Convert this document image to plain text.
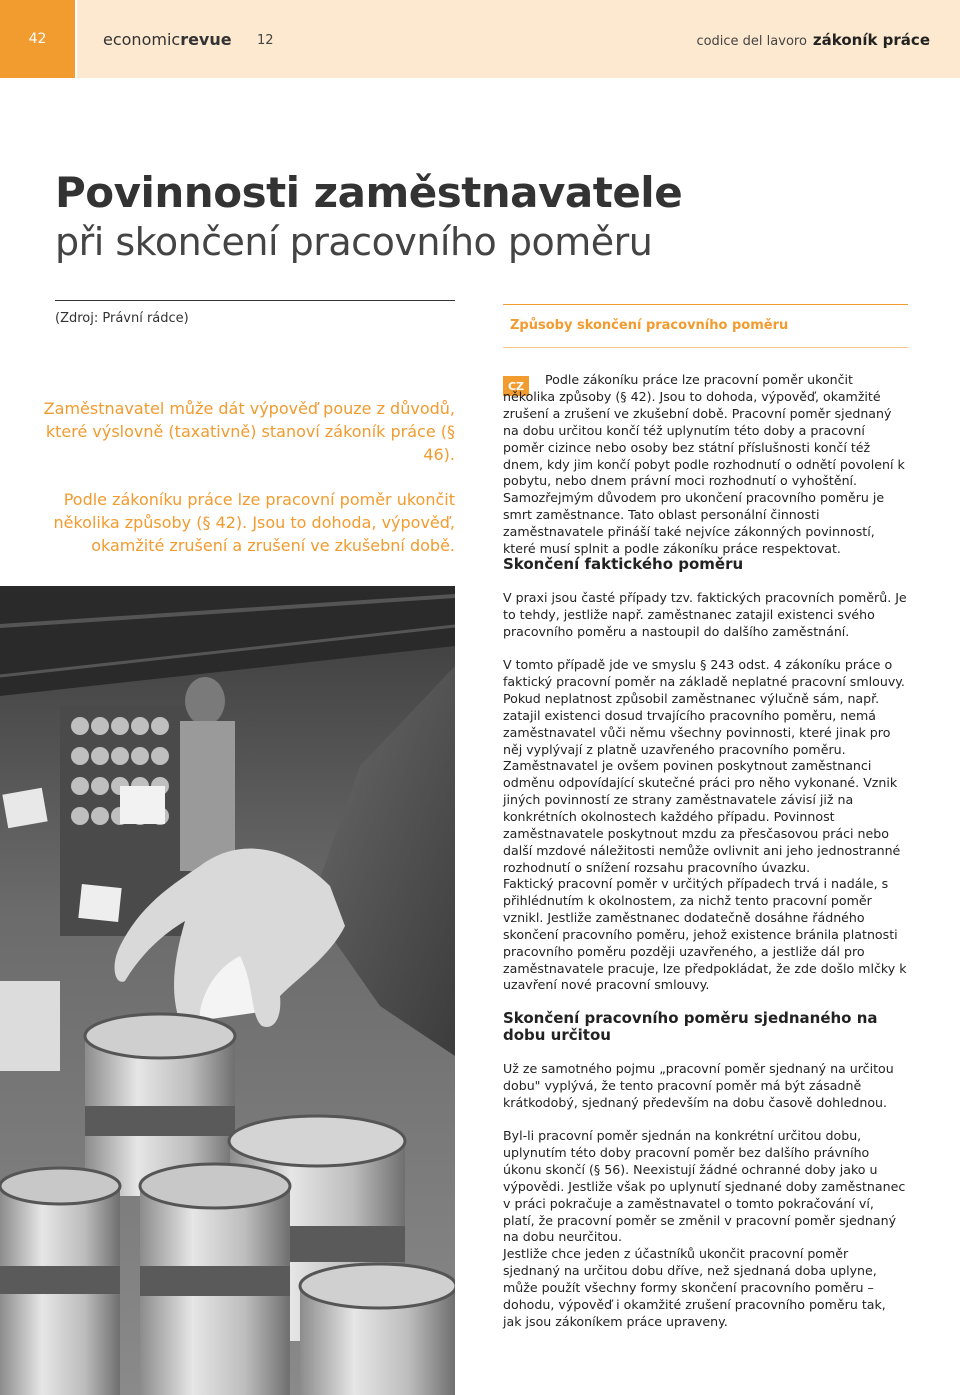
42	economicrevue 12	codice del lavoro zákoník práce
Povinnosti zaměstnavatele
při skončení pracovního poměru
(Zdroj: Právní rádce)
Zaměstnavatel může dát výpověď pouze z důvodů, které výslovně (taxativně) stanoví zákoník práce (§ 46).
Podle zákoníku práce lze pracovní poměr ukončit několika způsoby (§ 42). Jsou to dohoda, výpověď, okamžité zrušení a zrušení ve zkušební době.
Způsoby skončení pracovního poměru
CZ	Podle zákoníku práce lze pracovní poměr ukončit několika způsoby (§ 42). Jsou to dohoda, výpověď, okamžité zrušení a zrušení ve zkušební době. Pracovní poměr sjednaný na dobu určitou končí též uplynutím této doby a pracovní poměr cizince nebo osoby bez státní příslušnosti končí též dnem, kdy jim končí pobyt podle rozhodnutí o odnětí povolení k pobytu, nebo dnem právní moci rozhodnutí o vyhoštění. Samozřejmým důvodem pro ukončení pracovního poměru je smrt zaměstnance. Tato oblast personální činnosti zaměstnavatele přináší také nejvíce zákonných povinností, které musí splnit a podle zákoníku práce respektovat.
Skončení faktického poměru
V praxi jsou časté případy tzv. faktických pracovních poměrů. Je to tehdy, jestliže např. zaměstnanec zatajil existenci svého pracovního poměru a nastoupil do dalšího zaměstnání.
V tomto případě jde ve smyslu § 243 odst. 4 zákoníku práce o faktický pracovní poměr na základě neplatné pracovní smlouvy. Pokud neplatnost způsobil zaměstnanec výlučně sám, např. zatajil existenci dosud trvajícího pracovního poměru, nemá zaměstnavatel vůči němu všechny povinnosti, které jinak pro něj vyplývají z platně uzavřeného pracovního poměru. Zaměstnavatel je ovšem povinen poskytnout zaměstnanci odměnu odpovídající skutečné práci pro něho vykonané. Vznik jiných povinností ze strany zaměstnavatele závisí již na konkrétních okolnostech každého případu. Povinnost zaměstnavatele poskytnout mzdu za přesčasovou práci nebo další mzdové náležitosti nemůže ovlivnit ani jeho jednostranné rozhodnutí o snížení rozsahu pracovního úvazku.
Faktický pracovní poměr v určitých případech trvá i nadále, s přihlédnutím k okolnostem, za nichž tento pracovní poměr vznikl. Jestliže zaměstnanec dodatečně dosáhne řádného skončení pracovního poměru, jehož existence bránila platnosti pracovního poměru později uzavřeného, a jestliže dál pro zaměstnavatele pracuje, lze předpokládat, že zde došlo mlčky k uzavření nové pracovní smlouvy.
Skončení pracovního poměru sjednaného na dobu určitou
Už ze samotného pojmu „pracovní poměr sjednaný na určitou dobu" vyplývá, že tento pracovní poměr má být zásadně krátkodobý, sjednaný především na dobu časově dohlednou.
Byl-li pracovní poměr sjednán na konkrétní určitou dobu, uplynutím této doby pracovní poměr bez dalšího právního úkonu skončí (§ 56). Neexistují žádné ochranné doby jako u výpovědi. Jestliže však po uplynutí sjednané doby zaměstnanec v práci pokračuje a zaměstnavatel o tomto pokračování ví, platí, že pracovní poměr se změnil v pracovní poměr sjednaný na dobu neurčitou.
Jestliže chce jeden z účastníků ukončit pracovní poměr sjednaný na určitou dobu dříve, než sjednaná doba uplyne, může použít všechny formy skončení pracovního poměru – dohodu, výpověď i okamžité zrušení pracovního poměru tak, jak jsou zákoníkem práce upraveny.
